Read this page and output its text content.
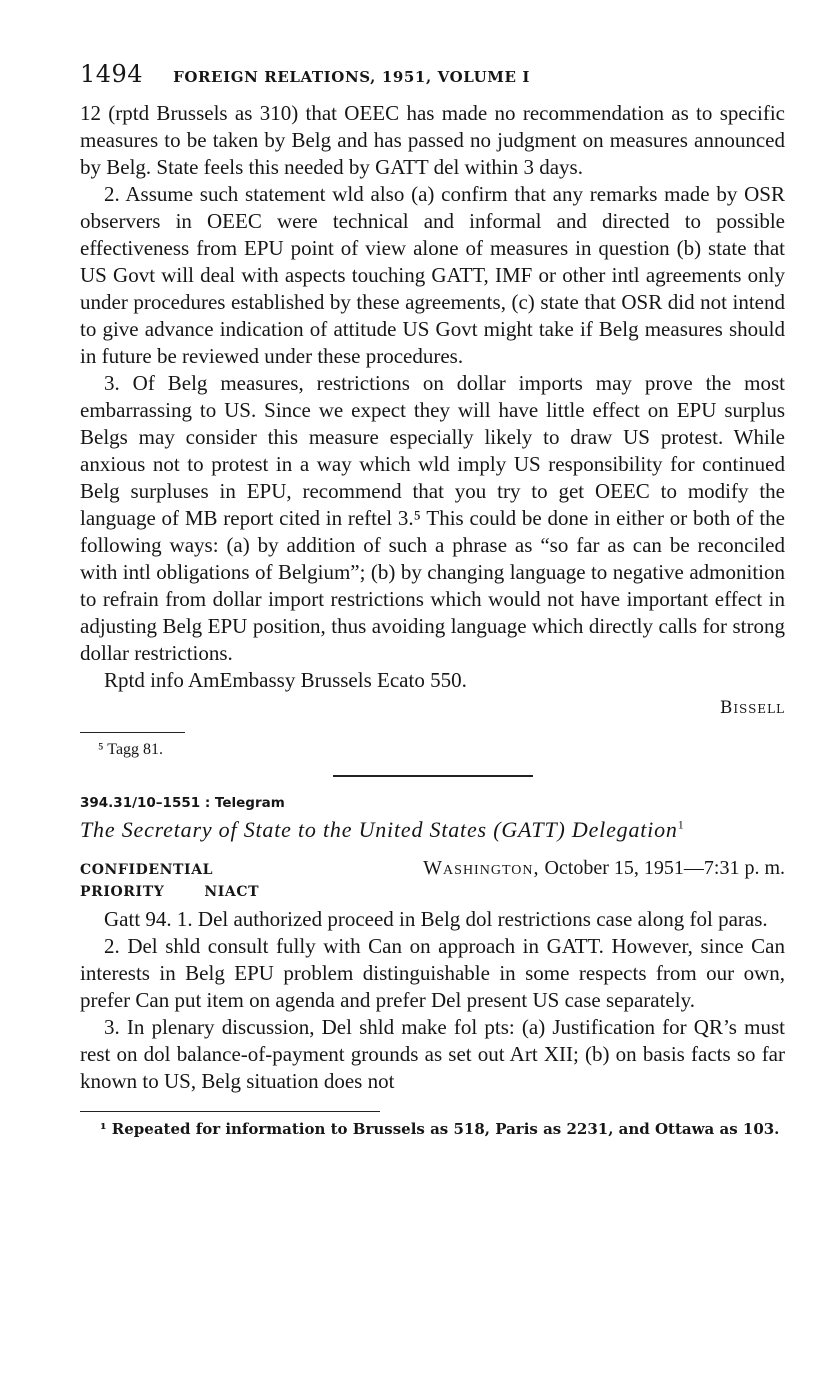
1494 FOREIGN RELATIONS, 1951, VOLUME I

12 (rptd Brussels as 310) that OEEC has made no recommendation as to specific measures to be taken by Belg and has passed no judgment on measures announced by Belg. State feels this needed by GATT del within 3 days.

2. Assume such statement wld also (a) confirm that any remarks made by OSR observers in OEEC were technical and informal and directed to possible effectiveness from EPU point of view alone of measures in question (b) state that US Govt will deal with aspects touching GATT, IMF or other intl agreements only under procedures established by these agreements, (c) state that OSR did not intend to give advance indication of attitude US Govt might take if Belg measures should in future be reviewed under these procedures.

3. Of Belg measures, restrictions on dollar imports may prove the most embarrassing to US. Since we expect they will have little effect on EPU surplus Belgs may consider this measure especially likely to draw US protest. While anxious not to protest in a way which wld imply US responsibility for continued Belg surpluses in EPU, recommend that you try to get OEEC to modify the language of MB report cited in reftel 3.⁵ This could be done in either or both of the following ways: (a) by addition of such a phrase as “so far as can be reconciled with intl obligations of Belgium”; (b) by changing language to negative admonition to refrain from dollar import restrictions which would not have important effect in adjusting Belg EPU position, thus avoiding language which directly calls for strong dollar restrictions.

Rptd info AmEmbassy Brussels Ecato 550.

Bissell
⁵ Tagg 81.
394.31/10–1551 : Telegram
The Secretary of State to the United States (GATT) Delegation$^1$
CONFIDENTIAL	Washington, October 15, 1951—7:31 p. m.
PRIORITY	NIACT

Gatt 94. 1. Del authorized proceed in Belg dol restrictions case along fol paras.

2. Del shld consult fully with Can on approach in GATT. However, since Can interests in Belg EPU problem distinguishable in some respects from our own, prefer Can put item on agenda and prefer Del present US case separately.

3. In plenary discussion, Del shld make fol pts: (a) Justification for QR’s must rest on dol balance-of-payment grounds as set out Art XII; (b) on basis facts so far known to US, Belg situation does not

¹ Repeated for information to Brussels as 518, Paris as 2231, and Ottawa as 103.
